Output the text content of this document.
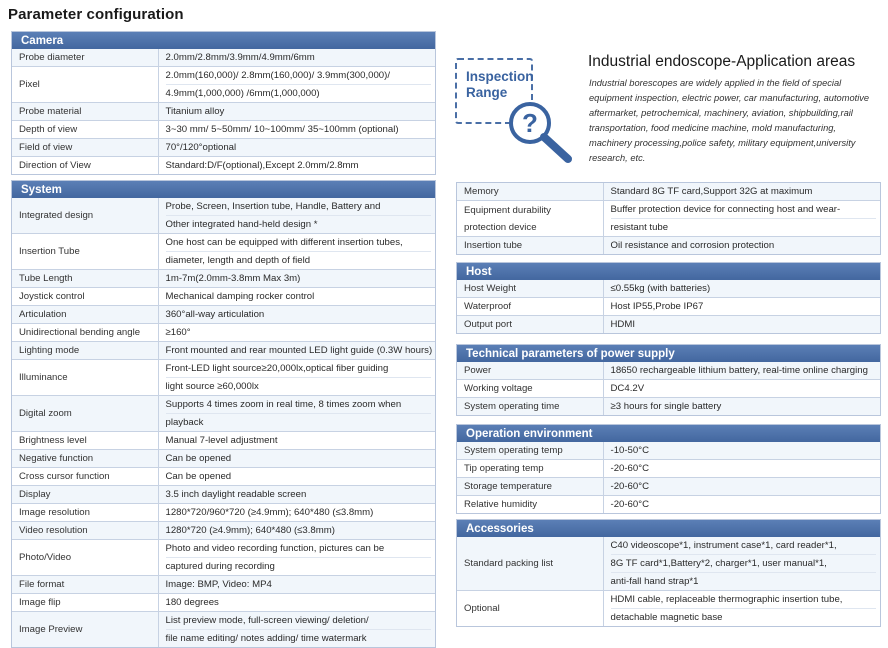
Parameter configuration
Camera
Probe diameter	2.0mm/2.8mm/3.9mm/4.9mm/6mm

Pixel	2.0mm(160,000)/ 2.8mm(160,000)/ 3.9mm(300,000)/
4.9mm(1,000,000) /6mm(1,000,000)

Probe material	Titanium alloy

Depth of view	3~30 mm/ 5~50mm/ 10~100mm/ 35~100mm (optional)

Field of view	70°/120°optional

Direction of View	Standard:D/F(optional),Except 2.0mm/2.8mm
System
Integrated design	Probe, Screen, Insertion tube, Handle, Battery and
Other integrated hand-held design *

Insertion Tube	One host can be equipped with different insertion tubes,
diameter, length and depth of field

Tube Length	1m-7m(2.0mm-3.8mm Max 3m)

Joystick control	Mechanical damping rocker control

Articulation	360°all-way articulation

Unidirectional bending angle	≥160°

Lighting mode	Front mounted and rear mounted LED light guide (0.3W hours)

Illuminance	Front-LED light source≥20,000lx,optical fiber guiding
light source ≥60,000lx

Digital zoom	Supports 4 times zoom in real time, 8 times zoom when
playback

Brightness level	Manual 7-level adjustment

Negative function	Can be opened

Cross cursor function	Can be opened

Display	3.5 inch daylight readable screen

Image resolution	1280*720/960*720 (≥4.9mm); 640*480 (≤3.8mm)

Video resolution	1280*720 (≥4.9mm); 640*480 (≤3.8mm)

Photo/Video	Photo and video recording function, pictures can be
captured during recording

File format	Image: BMP, Video: MP4

Image flip	180 degrees

Image Preview	List preview mode, full-screen viewing/ deletion/
file name editing/ notes adding/ time watermark
Inspection
Range
?
Industrial endoscope-Application areas
Industrial borescopes are widely applied in the field of special equipment inspection, electric power, car manufacturing, automotive aftermarket, petrochemical, machinery, aviation, shipbuilding,rail transportation, food medicine machine, mold manufacturing, machinery processing,police safety, military equipment,university research, etc.
Memory	Standard 8G TF card,Support 32G at maximum

Equipment durability
protection device	Buffer protection device for connecting host and wear-
resistant tube

Insertion tube	Oil resistance and corrosion protection
Host
Host Weight	≤0.55kg (with batteries)

Waterproof	Host IP55,Probe IP67

Output port	HDMI
Technical parameters of power supply
Power	18650 rechargeable lithium battery, real-time online charging

Working voltage	DC4.2V

System operating time	≥3 hours for single battery
Operation environment
System operating temp	-10-50°C

Tip operating temp	-20-60°C

Storage temperature	-20-60°C

Relative humidity	-20-60°C
Accessories
Standard packing list	C40 videoscope*1, instrument case*1, card reader*1,
8G TF card*1,Battery*2, charger*1, user manual*1,
anti-fall hand strap*1

Optional	HDMI cable, replaceable thermographic insertion tube,
detachable magnetic base
